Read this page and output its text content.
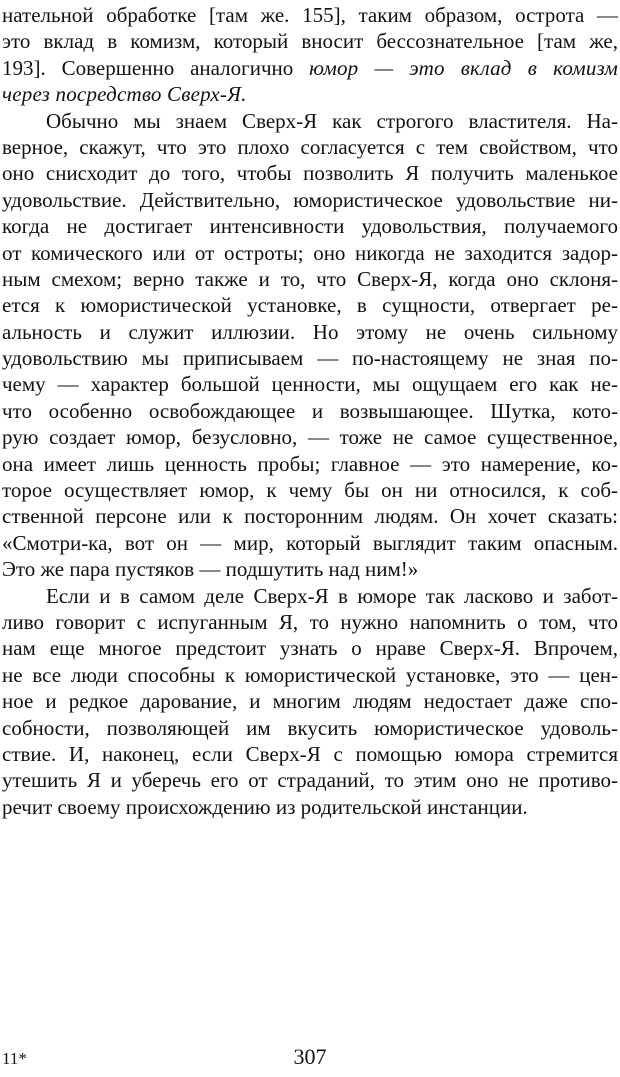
нательной обработке [там же. 155], таким образом, острота —
это вклад в комизм, который вносит бессознательное [там же,
193]. Совершенно аналогично юмор — это вклад в комизм
через посредство Сверх-Я.
Обычно мы знаем Сверх-Я как строгого властителя. На-
верное, скажут, что это плохо согласуется с тем свойством, что
оно снисходит до того, чтобы позволить Я получить маленькое
удовольствие. Действительно, юмористическое удовольствие ни-
когда не достигает интенсивности удовольствия, получаемого
от комического или от остроты; оно никогда не заходится задор-
ным смехом; верно также и то, что Сверх-Я, когда оно склоня-
ется к юмористической установке, в сущности, отвергает ре-
альность и служит иллюзии. Но этому не очень сильному
удовольствию мы приписываем — по-настоящему не зная по-
чему — характер большой ценности, мы ощущаем его как не-
что особенно освобождающее и возвышающее. Шутка, кото-
рую создает юмор, безусловно, — тоже не самое существенное,
она имеет лишь ценность пробы; главное — это намерение, ко-
торое осуществляет юмор, к чему бы он ни относился, к соб-
ственной персоне или к посторонним людям. Он хочет сказать:
«Смотри-ка, вот он — мир, который выглядит таким опасным.
Это же пара пустяков — подшутить над ним!»
Если и в самом деле Сверх-Я в юморе так ласково и забот-
ливо говорит с испуганным Я, то нужно напомнить о том, что
нам еще многое предстоит узнать о нраве Сверх-Я. Впрочем,
не все люди способны к юмористической установке, это — цен-
ное и редкое дарование, и многим людям недостает даже спо-
собности, позволяющей им вкусить юмористическое удоволь-
ствие. И, наконец, если Сверх-Я с помощью юмора стремится
утешить Я и уберечь его от страданий, то этим оно не противо-
речит своему происхождению из родительской инстанции.
11*	307
